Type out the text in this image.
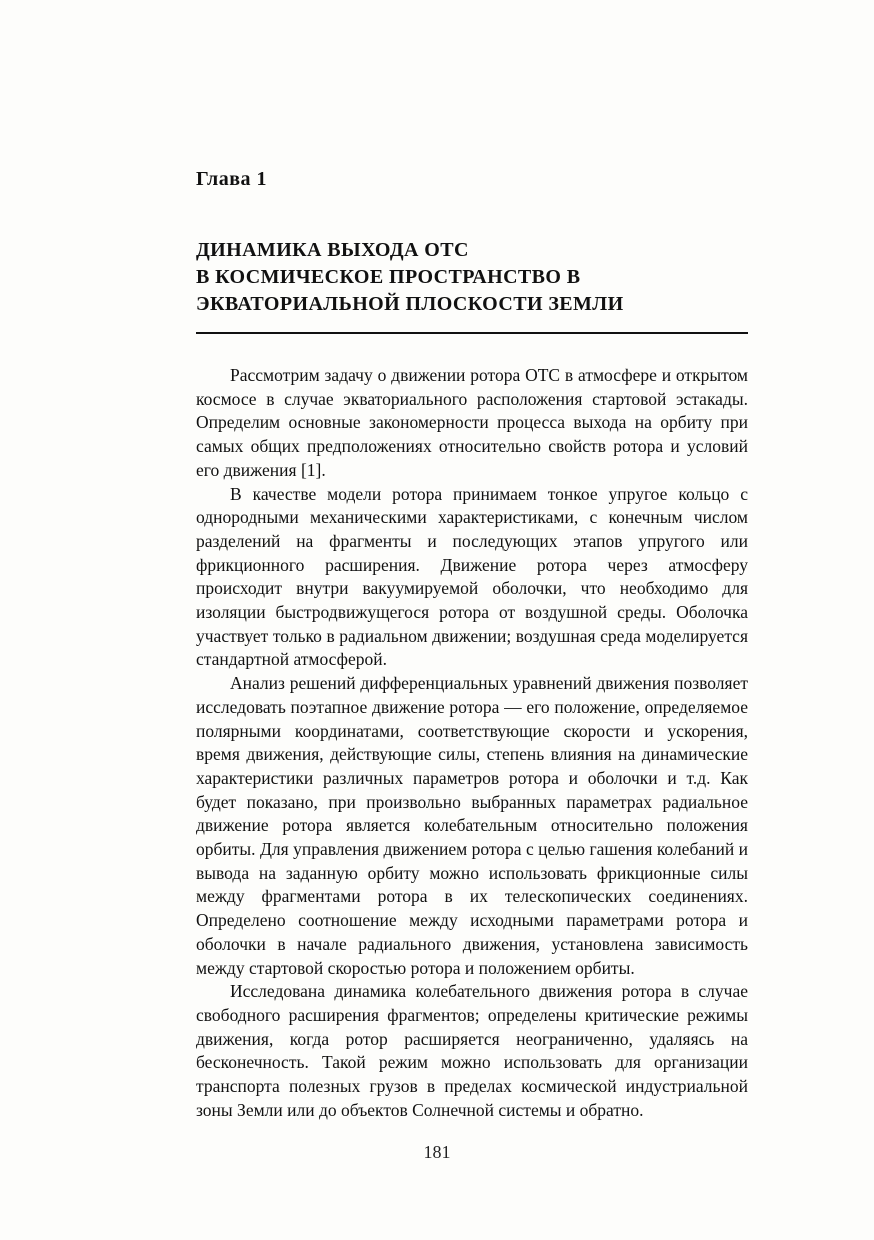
Глава 1
ДИНАМИКА ВЫХОДА ОТС
В КОСМИЧЕСКОЕ ПРОСТРАНСТВО В
ЭКВАТОРИАЛЬНОЙ ПЛОСКОСТИ ЗЕМЛИ

Рассмотрим задачу о движении ротора ОТС в атмосфере и открытом космосе в случае экваториального расположения стартовой эстакады. Определим основные закономерности процесса выхода на орбиту при самых общих предположениях относительно свойств ротора и условий его движения [1].

В качестве модели ротора принимаем тонкое упругое кольцо с однородными механическими характеристиками, с конечным числом разделений на фрагменты и последующих этапов упругого или фрикционного расширения. Движение ротора через атмосферу происходит внутри вакуумируемой оболочки, что необходимо для изоляции быстродвижущегося ротора от воздушной среды. Оболочка участвует только в радиальном движении; воздушная среда моделируется стандартной атмосферой.

Анализ решений дифференциальных уравнений движения позволяет исследовать поэтапное движение ротора — его положение, определяемое полярными координатами, соответствующие скорости и ускорения, время движения, действующие силы, степень влияния на динамические характеристики различных параметров ротора и оболочки и т.д. Как будет показано, при произвольно выбранных параметрах радиальное движение ротора является колебательным относительно положения орбиты. Для управления движением ротора с целью гашения колебаний и вывода на заданную орбиту можно использовать фрикционные силы между фрагментами ротора в их телескопических соединениях. Определено соотношение между исходными параметрами ротора и оболочки в начале радиального движения, установлена зависимость между стартовой скоростью ротора и положением орбиты.

Исследована динамика колебательного движения ротора в случае свободного расширения фрагментов; определены критические режимы движения, когда ротор расширяется неограниченно, удаляясь на бесконечность. Такой режим можно использовать для организации транспорта полезных грузов в пределах космической индустриальной зоны Земли или до объектов Солнечной системы и обратно.

181
